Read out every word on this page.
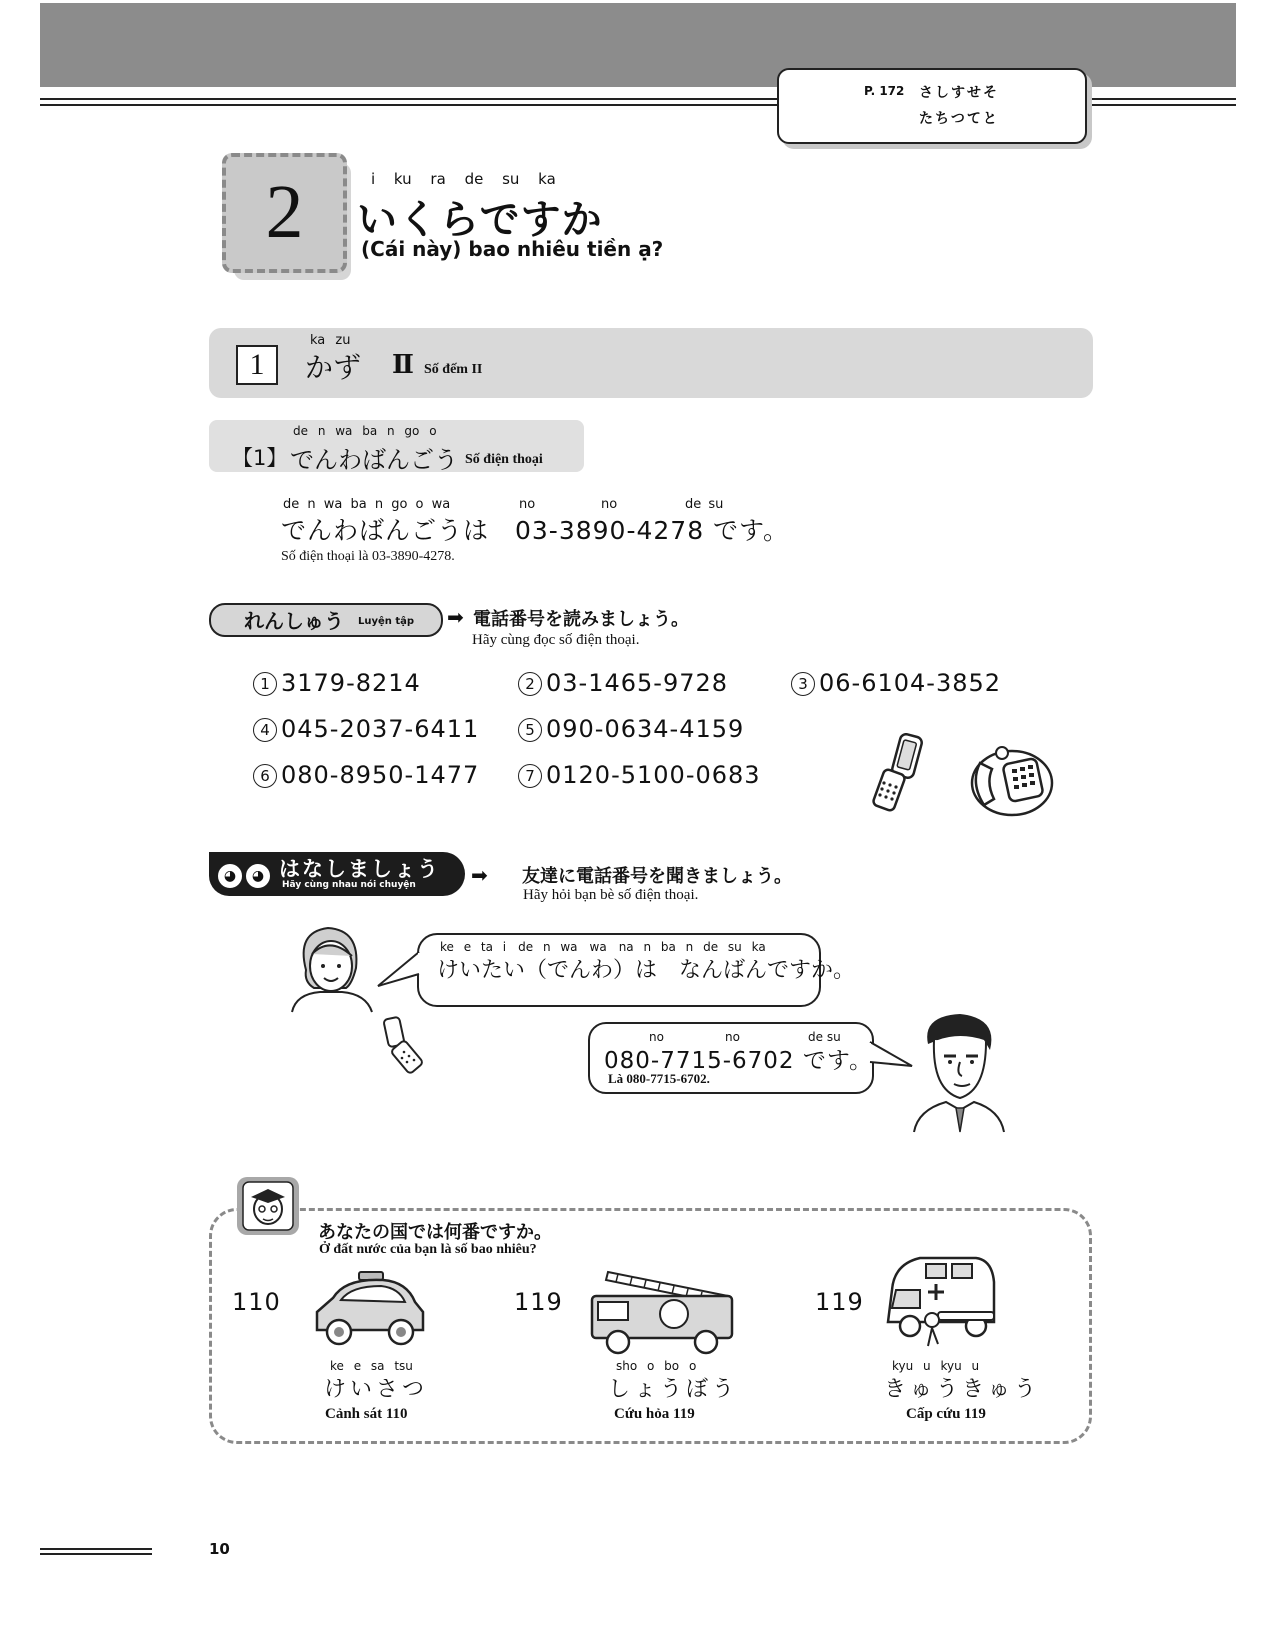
P. 172 さしすせそ
たちつてと
2	i ku ra de su ka
いくらですか
(Cái này) bao nhiêu tiền ạ?
1
ka zu
かず Ⅱ Số đếm II
de n wa ba n go o
【1】 でんわばんごう Số điện thoại
de n wa ba n go o wa	no	no	de su
でんわばんごうは　03-3890-4278 です。
Số điện thoại là 03-3890-4278.
れんしゅう Luyện tập ➡ 電話番号を読みましょう。
Hãy cùng đọc số điện thoại.
1 3179-8214	2 03-1465-9728	3 06-6104-3852
4 045-2037-6411	5 090-0634-4159
6 080-8950-1477	7 0120-5100-0683
◕	◕ はなしましょう
Hãy cùng nhau nói chuyện	➡ 友達に電話番号を聞きましょう。
Hãy hỏi bạn bè số điện thoại.
ke e ta i　de n wa　wa　na n ba n de su ka
けいたい（でんわ）は　なんばんですか。
no	no	de su
080-7715-6702 です。
Là 080-7715-6702.
あなたの国では何番ですか。
Ở đất nước của bạn là số bao nhiêu?
110	119	119
ke e sa tsu
けいさつ
Cảnh sát 110
sho o bo o
しょうぼう
Cứu hỏa 119
kyu u kyu u
きゅうきゅう
Cấp cứu 119
10
